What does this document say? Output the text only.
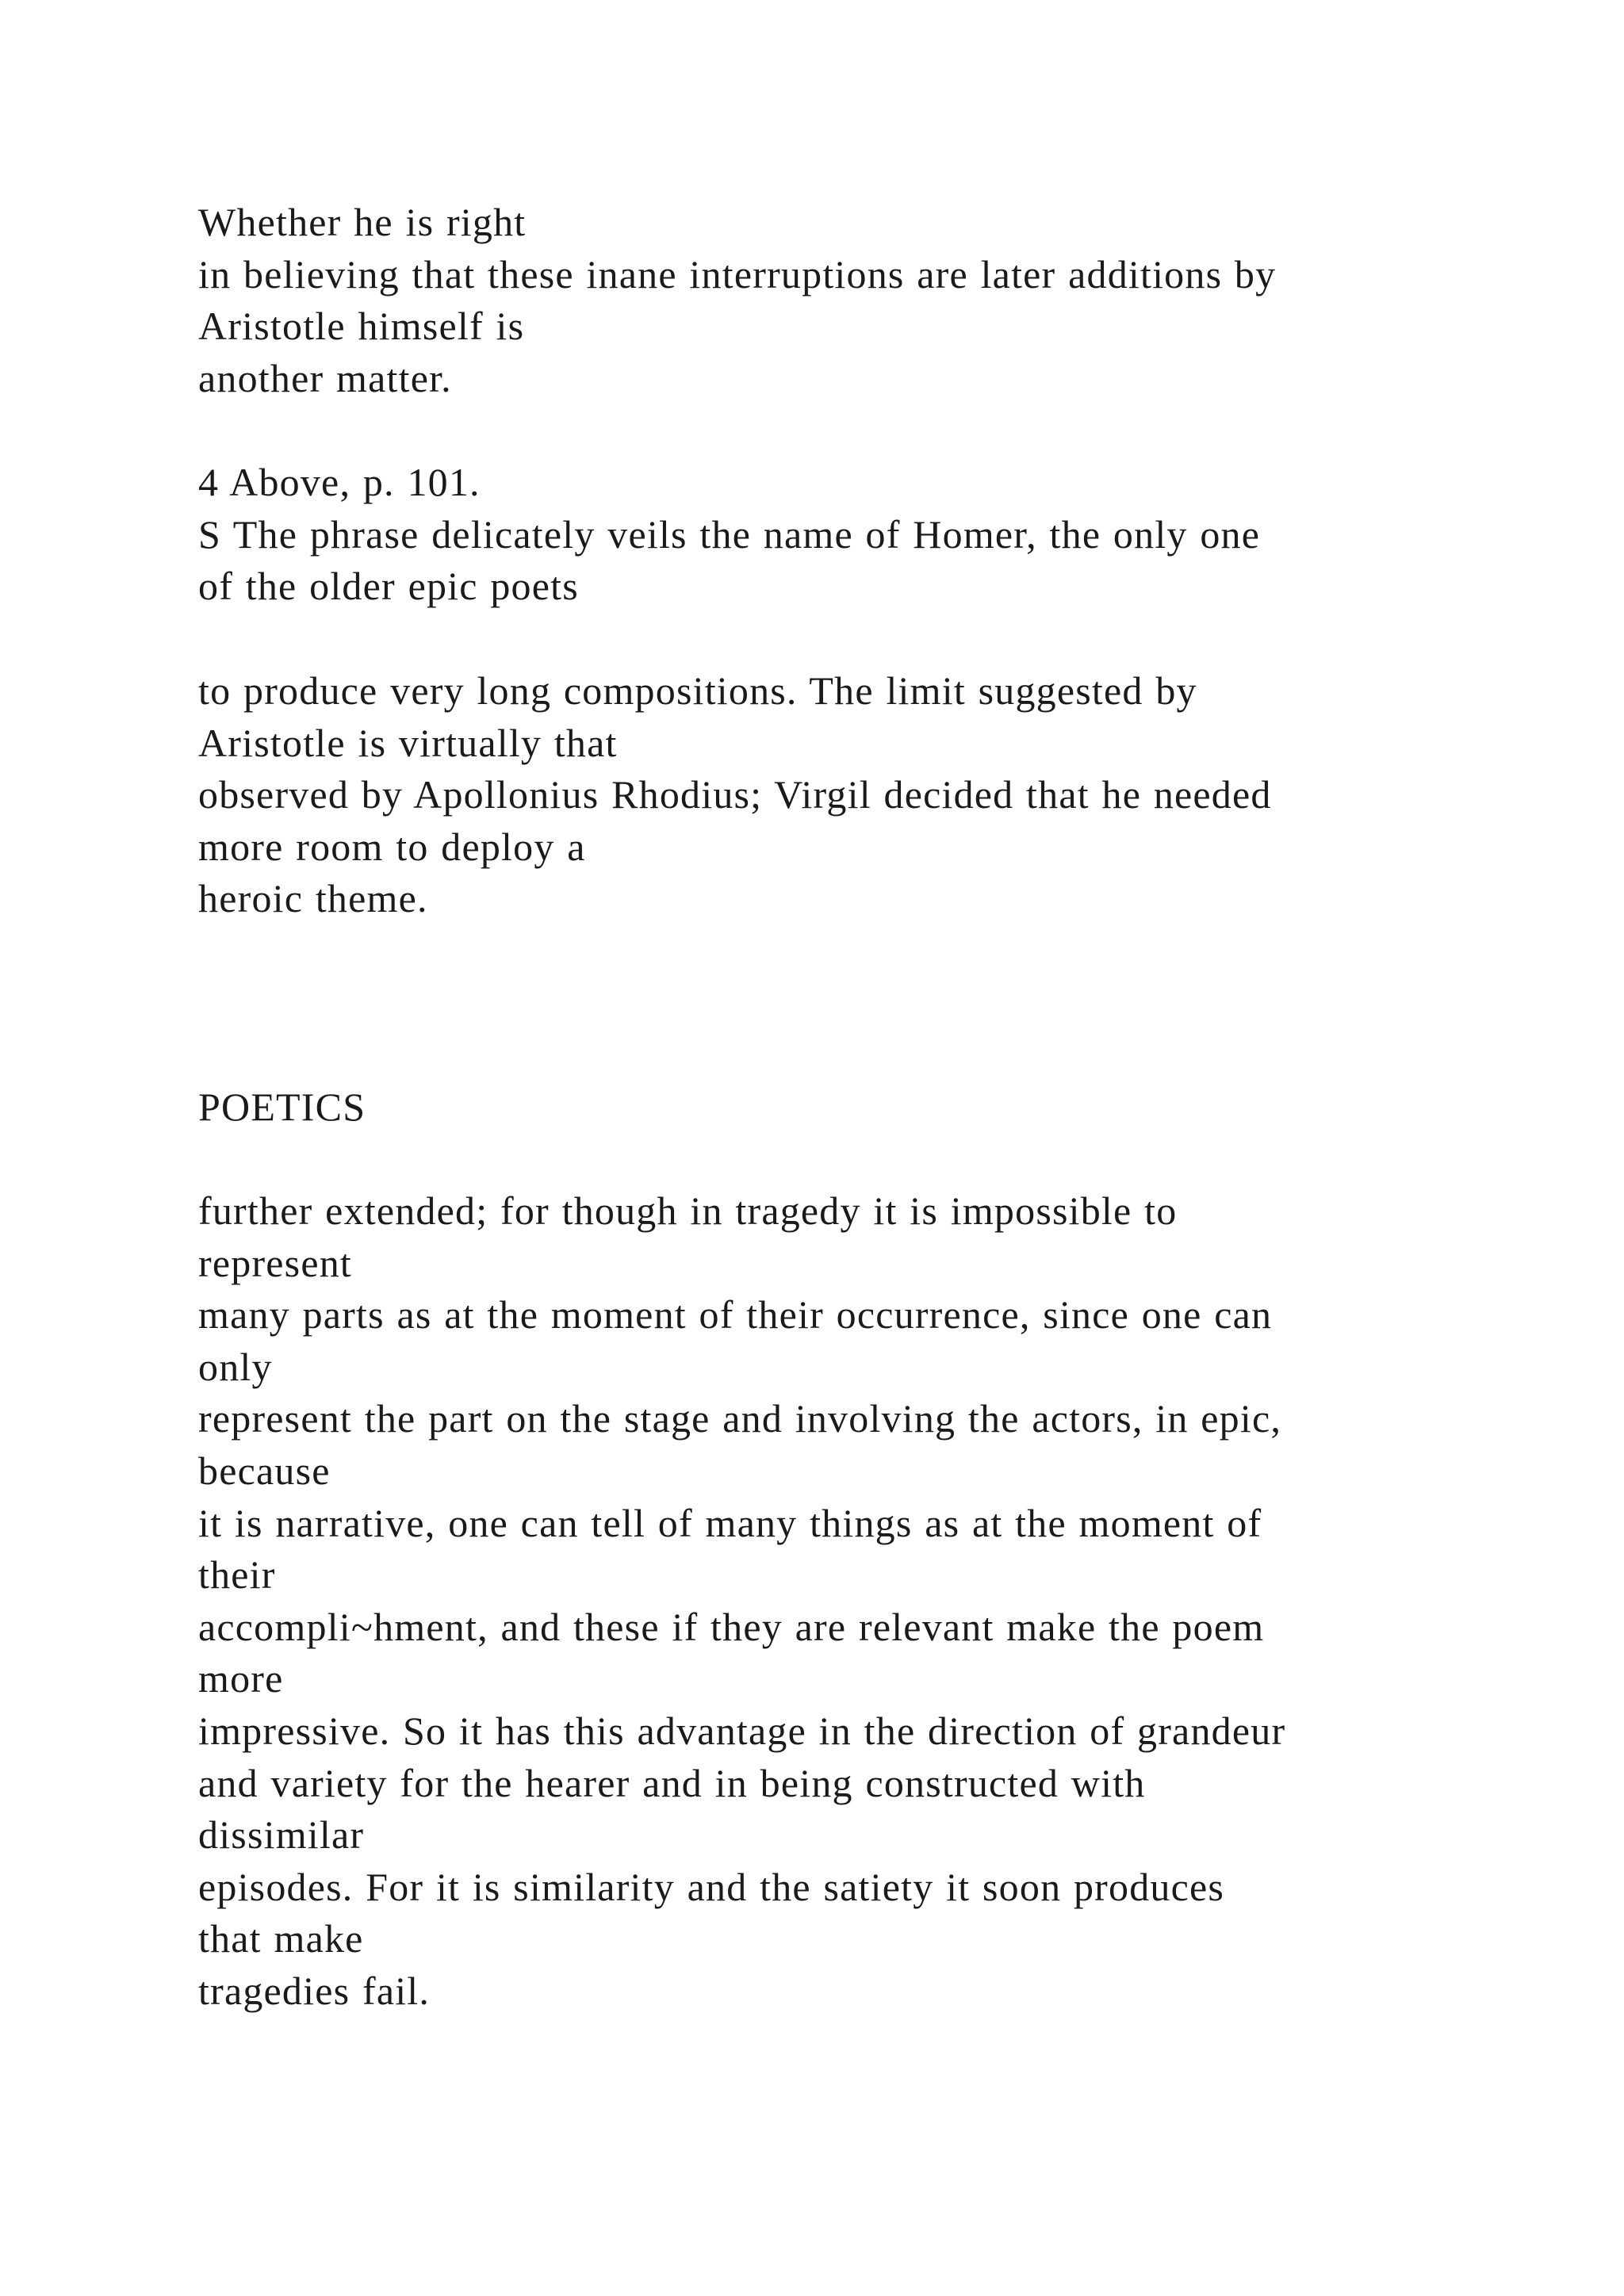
Whether he is right
in believing that these inane interruptions are later additions by
Aristotle himself is
another matter.
4 Above, p. 101.
S The phrase delicately veils the name of Homer, the only one
of the older epic poets
to produce very long compositions. The limit suggested by
Aristotle is virtually that
observed by Apollonius Rhodius; Virgil decided that he needed
more room to deploy a
heroic theme.
POETICS
further extended; for though in tragedy it is impossible to
represent
many parts as at the moment of their occurrence, since one can
only
represent the part on the stage and involving the actors, in epic,
because
it is narrative, one can tell of many things as at the moment of
their
accompli~hment, and these if they are relevant make the poem
more
impressive. So it has this advantage in the direction of grandeur
and variety for the hearer and in being constructed with
dissimilar
episodes. For it is similarity and the satiety it soon produces
that make
tragedies fail.
